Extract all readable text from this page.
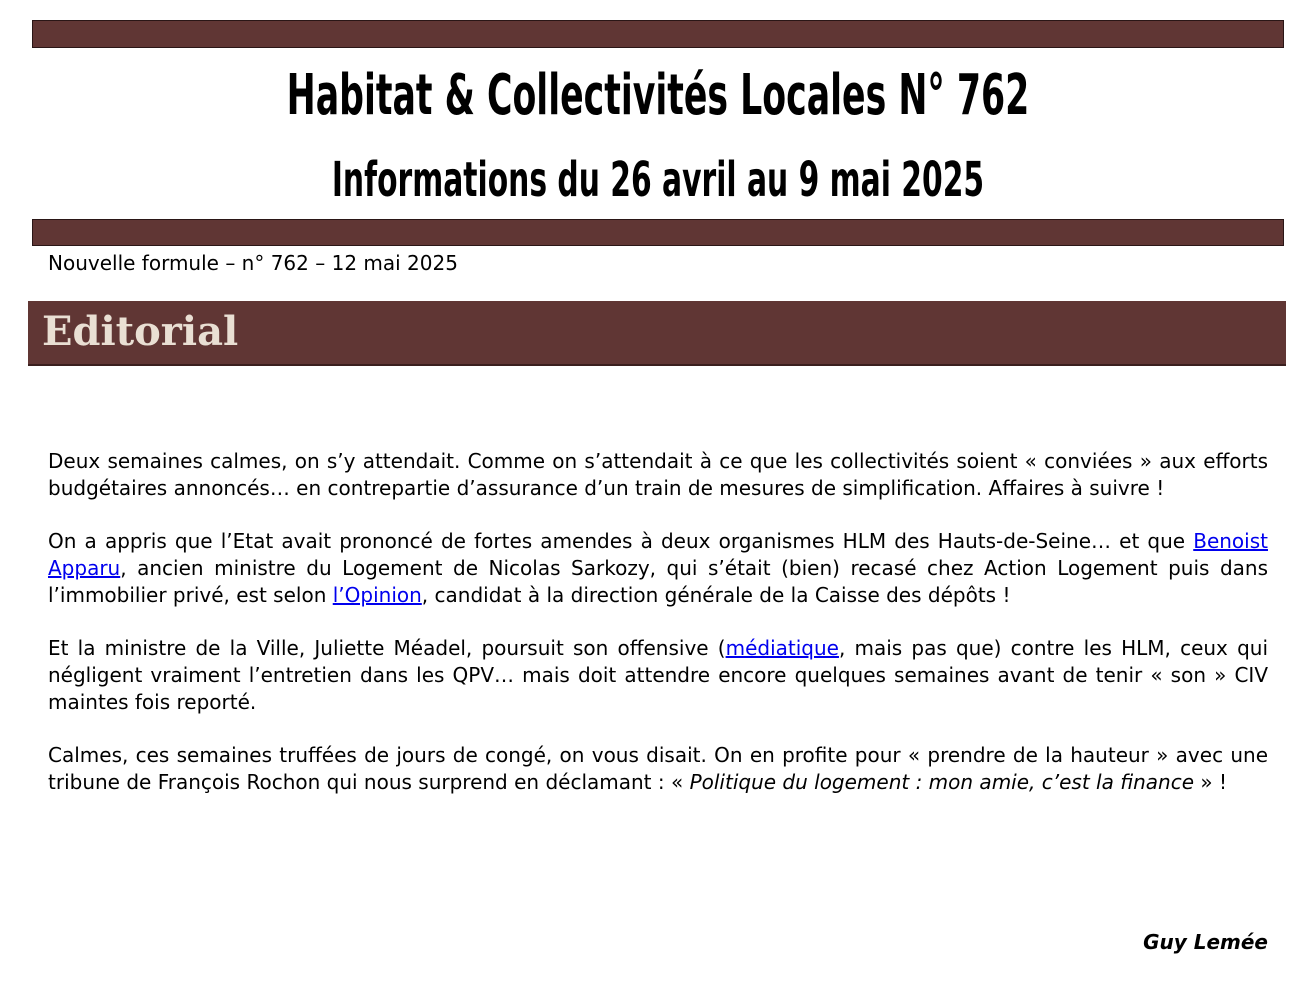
Habitat & Collectivités Locales N° 762
Informations du 26 avril au 9 mai 2025
Nouvelle formule – n° 762 – 12 mai 2025
Editorial

Deux semaines calmes, on s’y attendait. Comme on s’attendait à ce que les collectivités soient « conviées » aux efforts budgétaires annoncés… en contrepartie d’assurance d’un train de mesures de simplification. Affaires à suivre !

On a appris que l’Etat avait prononcé de fortes amendes à deux organismes HLM des Hauts-de-Seine… et que Benoist Apparu, ancien ministre du Logement de Nicolas Sarkozy, qui s’était (bien) recasé chez Action Logement puis dans l’immobilier privé, est selon l’Opinion, candidat à la direction générale de la Caisse des dépôts !

Et la ministre de la Ville, Juliette Méadel, poursuit son offensive (médiatique, mais pas que) contre les HLM, ceux qui négligent vraiment l’entretien dans les QPV… mais doit attendre encore quelques semaines avant de tenir « son » CIV maintes fois reporté.

Calmes, ces semaines truffées de jours de congé, on vous disait. On en profite pour « prendre de la hauteur » avec une tribune de François Rochon qui nous surprend en déclamant : « Politique du logement : mon amie, c’est la finance » !

Guy Lemée
